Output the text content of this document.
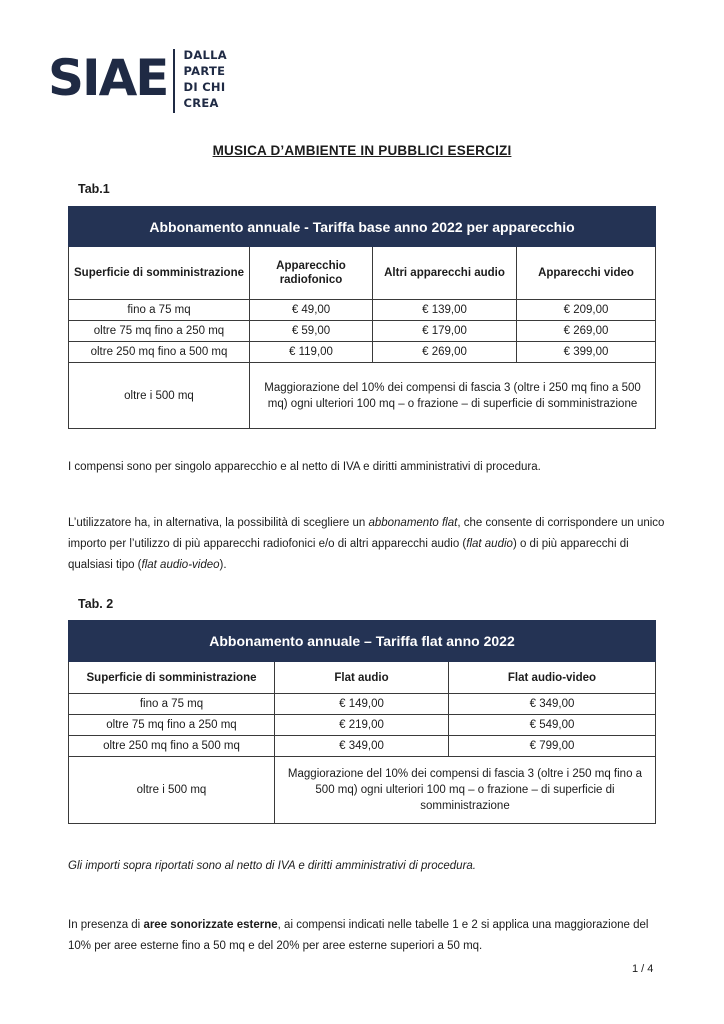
SIAE DALLA
PARTE
DI CHI
CREA
MUSICA D’AMBIENTE IN PUBBLICI ESERCIZI
Tab.1
Abbonamento annuale - Tariffa base anno 2022 per apparecchio			
Superficie di somministrazione	Apparecchio radiofonico	Altri apparecchi audio	Apparecchi video
fino a 75 mq	€ 49,00	€ 139,00	€ 209,00
oltre 75 mq fino a 250 mq	€ 59,00	€ 179,00	€ 269,00
oltre 250 mq fino a 500 mq	€ 119,00	€ 269,00	€ 399,00
oltre i 500 mq	Maggiorazione del 10% dei compensi di fascia 3 (oltre i 250 mq fino a 500 mq) ogni ulteriori 100 mq – o frazione – di superficie di somministrazione		

I compensi sono per singolo apparecchio e al netto di IVA e diritti amministrativi di procedura.

L’utilizzatore ha, in alternativa, la possibilità di scegliere un abbonamento flat, che consente di corrispondere un unico importo per l’utilizzo di più apparecchi radiofonici e/o di altri apparecchi audio (flat audio) o di più apparecchi di qualsiasi tipo (flat audio-video).

Tab. 2
Abbonamento annuale – Tariffa flat anno 2022		
Superficie di somministrazione	Flat audio	Flat audio-video
fino a 75 mq	€ 149,00	€ 349,00
oltre 75 mq fino a 250 mq	€ 219,00	€ 549,00
oltre 250 mq fino a 500 mq	€ 349,00	€ 799,00
oltre i 500 mq	Maggiorazione del 10% dei compensi di fascia 3 (oltre i 250 mq fino a 500 mq) ogni ulteriori 100 mq – o frazione – di superficie di somministrazione	

Gli importi sopra riportati sono al netto di IVA e diritti amministrativi di procedura.

In presenza di aree sonorizzate esterne, ai compensi indicati nelle tabelle 1 e 2 si applica una maggiorazione del 10% per aree esterne fino a 50 mq e del 20% per aree esterne superiori a 50 mq.

1 / 4
